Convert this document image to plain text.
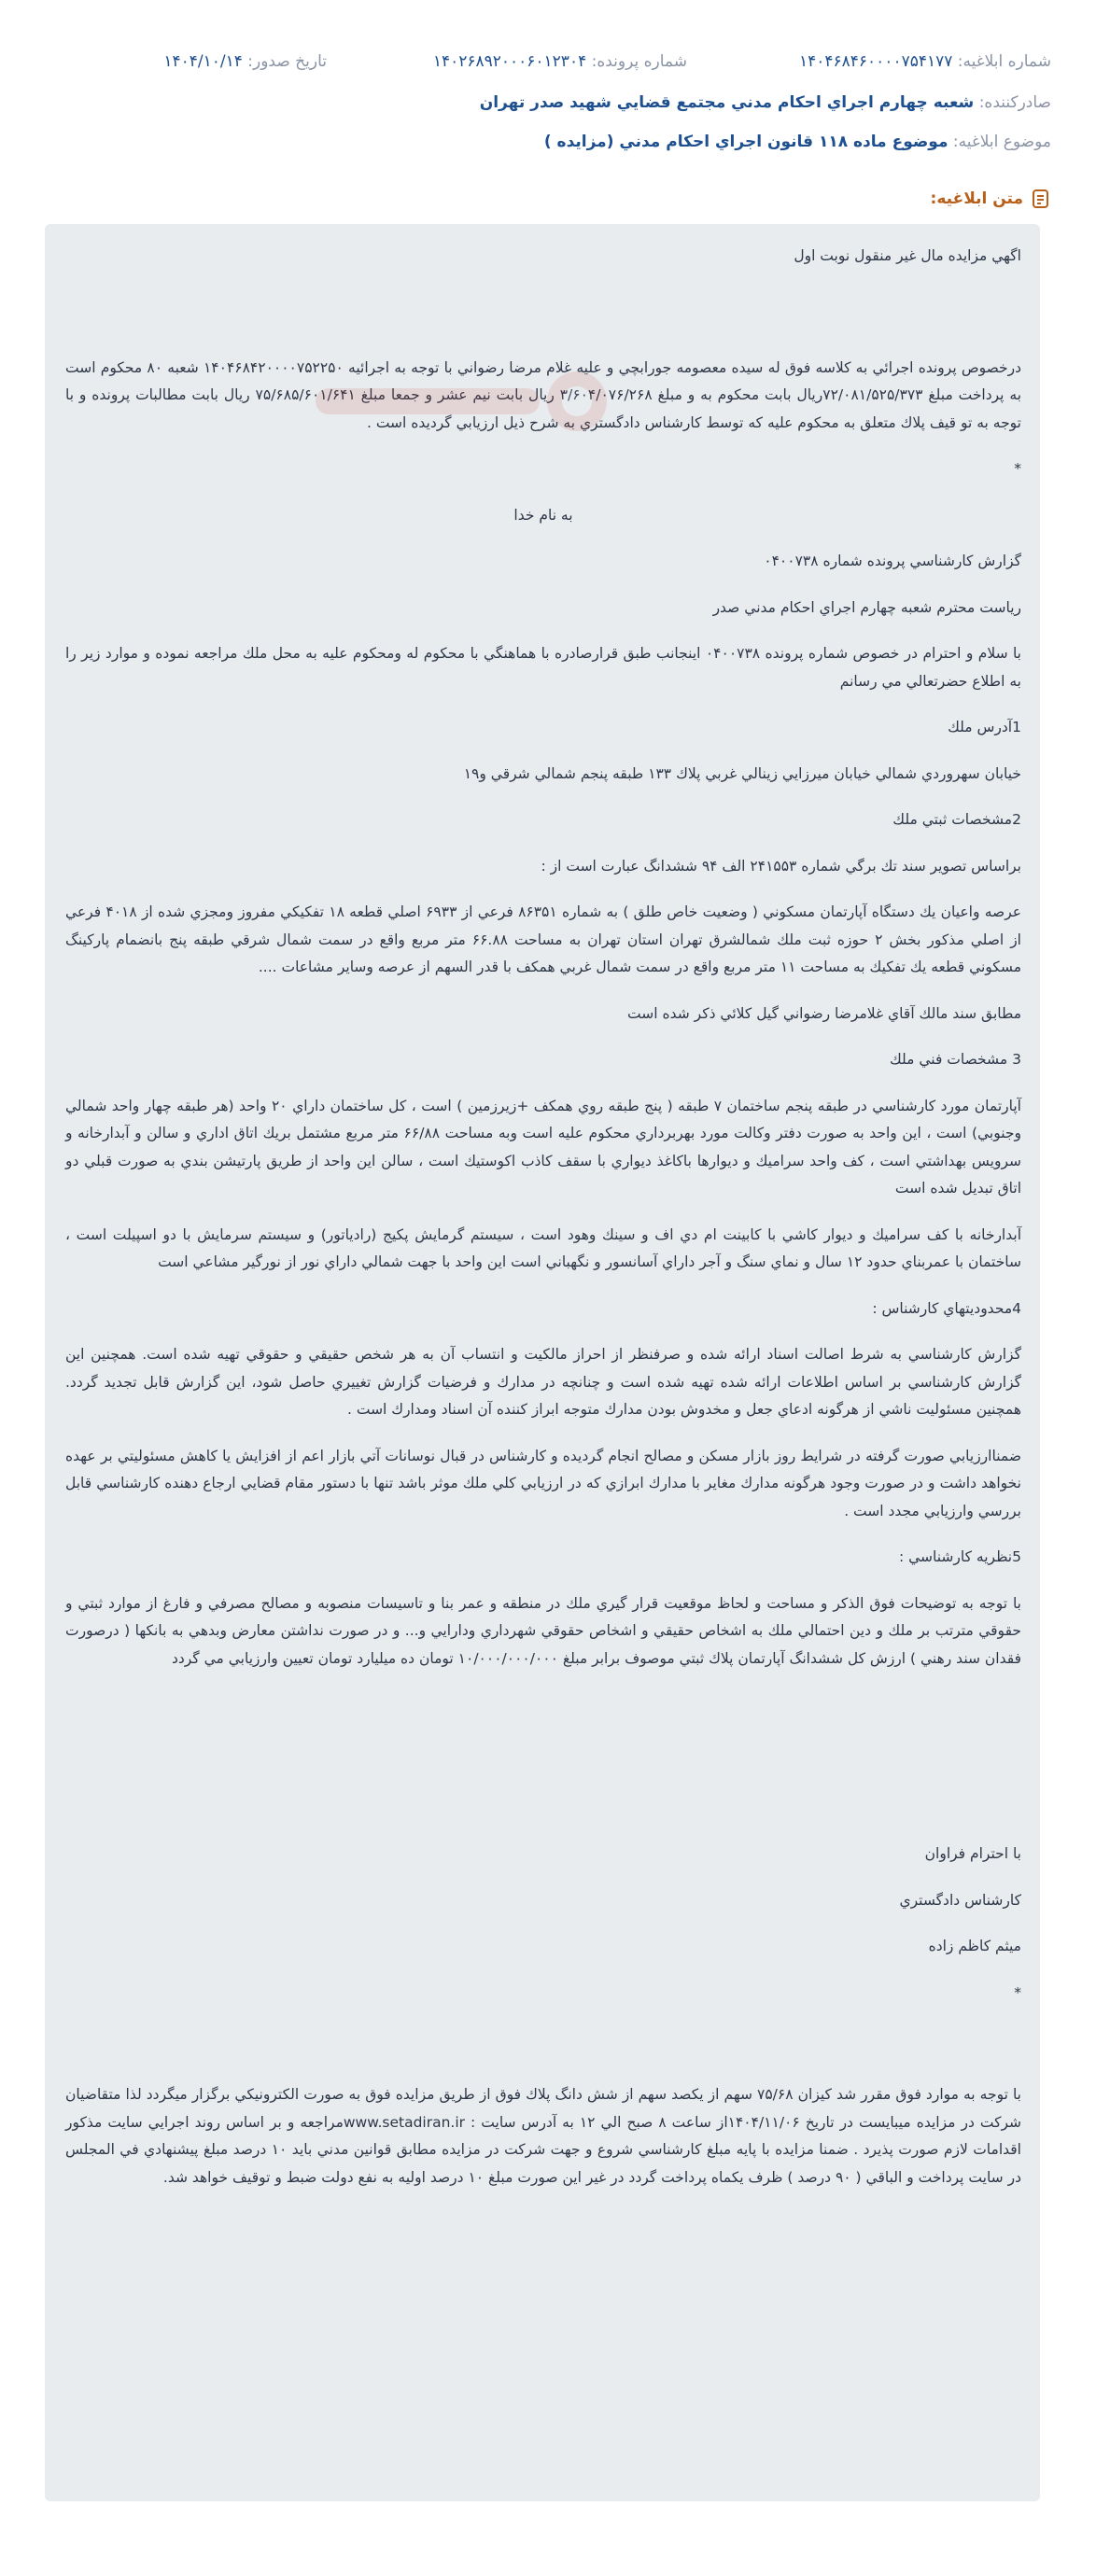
شماره ابلاغيه: ۱۴۰۴۶۸۴۶۰۰۰۰۷۵۴۱۷۷
شماره پرونده: ۱۴۰۲۶۸۹۲۰۰۰۶۰۱۲۳۰۴
تاريخ صدور: ۱۴۰۴/۱۰/۱۴
صادرکننده: شعبه چهارم اجراي احكام مدني مجتمع قضايي شهيد صدر تهران
موضوع ابلاغيه: موضوع ماده ۱۱۸ قانون اجراي احكام مدني (مزايده )
متن ابلاغيه:

اگهي مزايده مال غير منقول نوبت اول

درخصوص پرونده اجرائي به كلاسه فوق له سيده معصومه جورابچي و عليه غلام مرضا رضواني با توجه به اجرائيه ۱۴۰۴۶۸۴۲۰۰۰۰۷۵۲۲۵۰ شعبه ۸۰ محكوم است به پرداخت مبلغ ۷۲/۰۸۱/۵۲۵/۳۷۳ريال بابت محكوم به و مبلغ ۳/۶۰۴/۰۷۶/۲۶۸ ريال بابت نيم عشر و جمعا مبلغ ۷۵/۶۸۵/۶۰۱/۶۴۱ ريال بابت مطالبات پرونده و با توجه به تو قيف پلاك متعلق به محكوم عليه كه توسط كارشناس دادگستري به شرح ذيل ارزيابي گرديده است .

*

به نام خدا

گزارش كارشناسي پرونده شماره ۰۴۰۰۷۳۸

رياست محترم شعبه چهارم اجراي احكام مدني صدر

با سلام و احترام در خصوص شماره پرونده ۰۴۰۰۷۳۸ اينجانب طبق قرارصادره با هماهنگي با محكوم له ومحكوم عليه به محل ملك مراجعه نموده و موارد زير را به اطلاع حضرتعالي مي رسانم

1آدرس ملك

خيابان سهروردي شمالي خيابان ميرزايي زينالي غربي پلاك ۱۳۳ طبقه پنجم شمالي شرقي و۱۹

2مشخصات ثبتي ملك

براساس تصوير سند تك برگي شماره ۲۴۱۵۵۳ الف ۹۴ ششدانگ عبارت است از :

عرصه واعيان يك دستگاه آپارتمان مسكوني ( وضعيت خاص طلق ) به شماره ۸۶۳۵۱ فرعي از ۶۹۳۳ اصلي قطعه ۱۸ تفكيكي مفروز ومجزي شده از ۴۰۱۸ فرعي از اصلي مذكور بخش ۲ حوزه ثبت ملك شمالشرق تهران استان تهران به مساحت ۶۶.۸۸ متر مربع واقع در سمت شمال شرقي طبقه پنج بانضمام پاركينگ مسكوني قطعه يك تفكيك به مساحت ۱۱ متر مربع واقع در سمت شمال غربي همكف با قدر السهم از عرصه وساير مشاعات ....

مطابق سند مالك آقاي غلامرضا رضواني گيل كلائي ذكر شده است

3 مشخصات فني ملك

آپارتمان مورد كارشناسي در طبقه پنجم ساختمان ۷ طبقه ( پنج طبقه روي همكف +زيرزمين ) است ، كل ساختمان داراي ۲۰ واحد (هر طبقه چهار واحد شمالي وجنوبي) است ، اين واحد به صورت دفتر وكالت مورد بهربرداري محكوم عليه است وبه مساحت ۶۶/۸۸ متر مربع مشتمل بريك اتاق اداري و سالن و آبدارخانه و سرويس بهداشتي است ، كف واحد سراميك و ديوارها باكاغذ ديواري با سقف كاذب اكوستيك است ، سالن اين واحد از طريق پارتيشن بندي به صورت قبلي دو اتاق تبديل شده است

آبدارخانه با كف سراميك و ديوار كاشي با كابينت ام دي اف و سينك وهود است ، سيستم گرمايش پكيج (رادياتور) و سيستم سرمايش با دو اسپيلت است ، ساختمان با عمربناي حدود ۱۲ سال و نماي سنگ و آجر داراي آسانسور و نگهباني است اين واحد با جهت شمالي داراي نور از نورگير مشاعي است

4محدوديتهاي كارشناس :

گزارش كارشناسي به شرط اصالت اسناد ارائه شده و صرفنظر از احراز مالكيت و انتساب آن به هر شخص حقيقي و حقوقي تهيه شده است. همچنين اين گزارش كارشناسي بر اساس اطلاعات ارائه شده تهيه شده است و چنانچه در مدارك و فرضيات گزارش تغييري حاصل شود، اين گزارش قابل تجديد گردد. همچنين مسئوليت ناشي از هرگونه ادعاي جعل و مخدوش بودن مدارك متوجه ابراز كننده آن اسناد ومدارك است .

ضمناارزيابي صورت گرفته در شرايط روز بازار مسكن و مصالح انجام گرديده و كارشناس در قبال نوسانات آتي بازار اعم از افزايش يا كاهش مسئوليتي بر عهده نخواهد داشت و در صورت وجود هرگونه مدارك مغاير با مدارك ابرازي كه در ارزيابي كلي ملك موثر باشد تنها با دستور مقام قضايي ارجاع دهنده كارشناسي قابل بررسي وارزيابي مجدد است .

5نظريه كارشناسي :

با توجه به توضيحات فوق الذكر و مساحت و لحاظ موقعيت قرار گيري ملك در منطقه و عمر بنا و تاسيسات منصوبه و مصالح مصرفي و فارغ از موارد ثبتي و حقوقي مترتب بر ملك و دين احتمالي ملك به اشخاص حقيقي و اشخاص حقوقي شهرداري ودارايي و... و در صورت نداشتن معارض وبدهي به بانكها ( درصورت فقدان سند رهني ) ارزش كل ششدانگ آپارتمان پلاك ثبتي موصوف برابر مبلغ ۱۰/۰۰۰/۰۰۰/۰۰۰ تومان ده ميليارد تومان تعيين وارزيابي مي گردد

با احترام فراوان

كارشناس دادگستري

ميثم كاظم زاده

*

با توجه به موارد فوق مقرر شد كيزان ۷۵/۶۸ سهم از يكصد سهم از شش دانگ پلاك فوق از طريق مزايده فوق به صورت الكترونيكي برگزار ميگردد لذا متقاضيان شركت در مزايده ميبايست در تاريخ ۱۴۰۴/۱۱/۰۶از ساعت ۸ صبح الي ۱۲ به آدرس سايت : www.setadiran.irمراجعه و بر اساس روند اجرايي سايت مذكور اقدامات لازم صورت پذيرد . ضمنا مزايده با پايه مبلغ كارشناسي شروع و جهت شركت در مزايده مطابق قوانين مدني بايد ۱۰ درصد مبلغ پيشنهادي في المجلس در سايت پرداخت و الباقي ( ۹۰ درصد ) ظرف يكماه پرداخت گردد در غير اين صورت مبلغ ۱۰ درصد اوليه به نفع دولت ضبط و توقيف خواهد شد.
